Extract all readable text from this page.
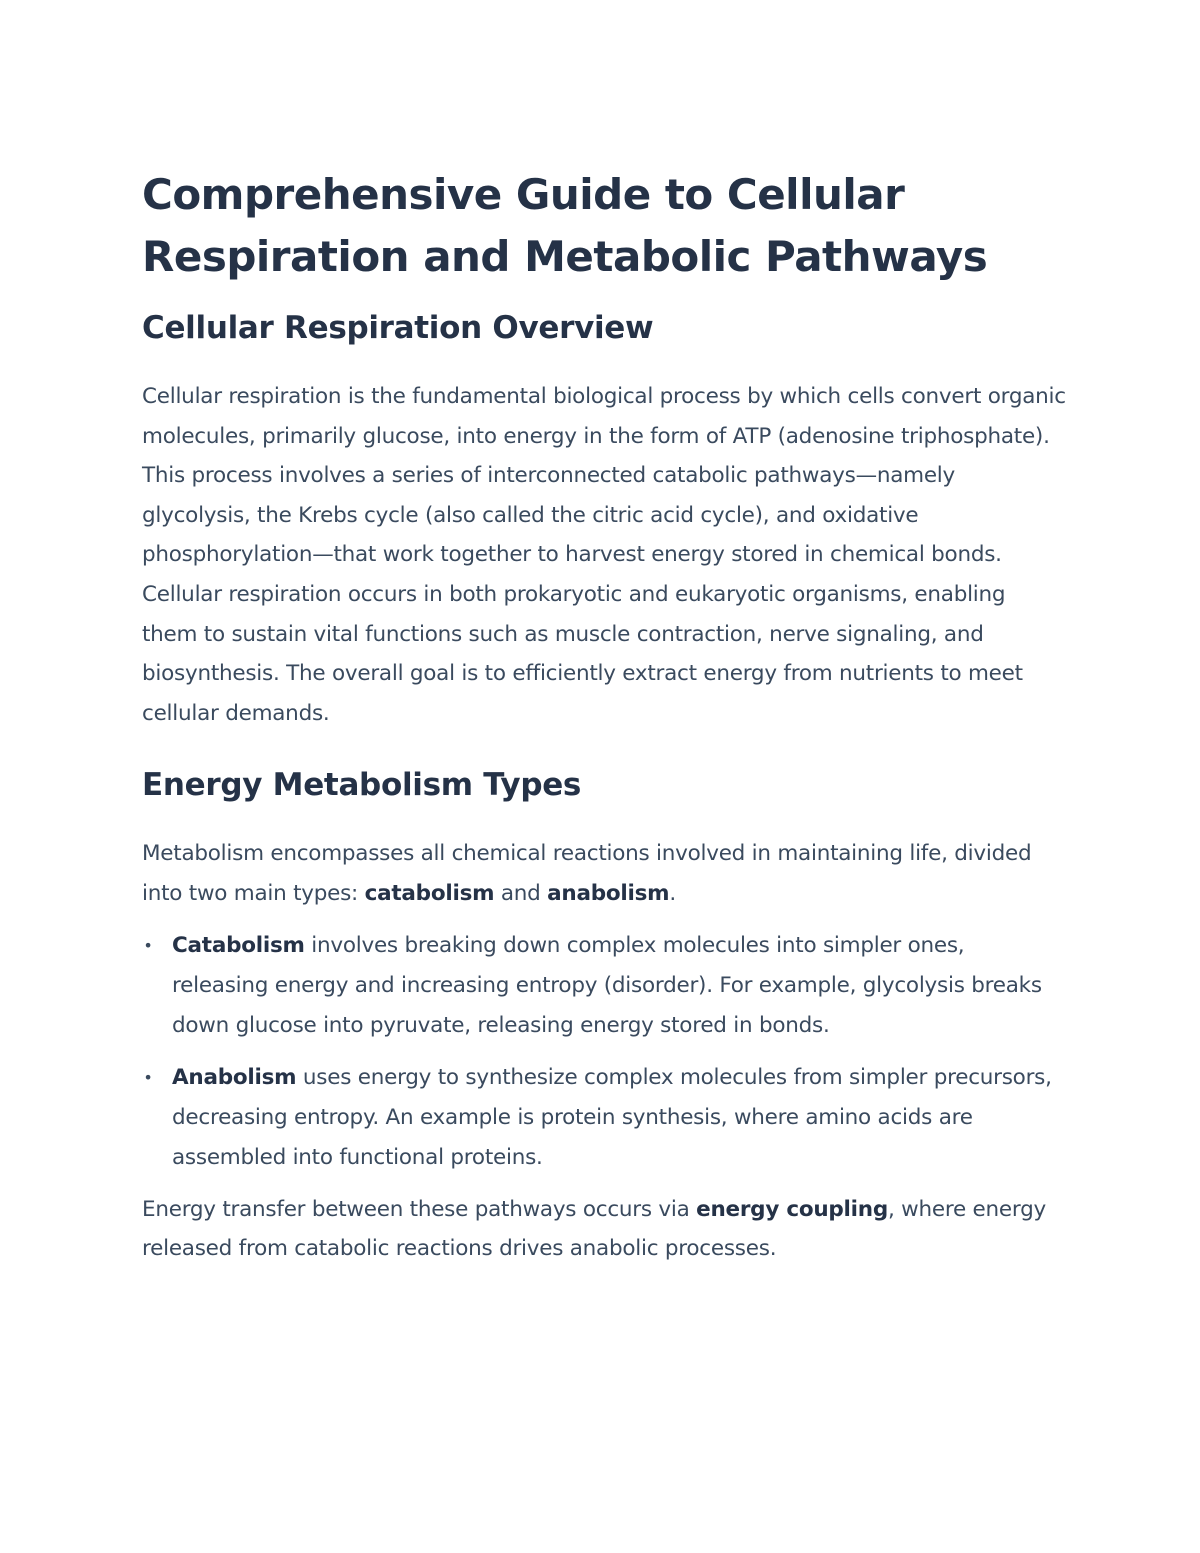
Comprehensive Guide to Cellular Respiration and Metabolic Pathways
Cellular Respiration Overview

Cellular respiration is the fundamental biological process by which cells convert organic molecules, primarily glucose, into energy in the form of ATP (adenosine triphosphate). This process involves a series of interconnected catabolic pathways—namely glycolysis, the Krebs cycle (also called the citric acid cycle), and oxidative phosphorylation—that work together to harvest energy stored in chemical bonds. Cellular respiration occurs in both prokaryotic and eukaryotic organisms, enabling them to sustain vital functions such as muscle contraction, nerve signaling, and biosynthesis. The overall goal is to efficiently extract energy from nutrients to meet cellular demands.

Energy Metabolism Types

Metabolism encompasses all chemical reactions involved in maintaining life, divided into two main types: catabolism and anabolism.

• Catabolism involves breaking down complex molecules into simpler ones, releasing energy and increasing entropy (disorder). For example, glycolysis breaks down glucose into pyruvate, releasing energy stored in bonds.
• Anabolism uses energy to synthesize complex molecules from simpler precursors, decreasing entropy. An example is protein synthesis, where amino acids are assembled into functional proteins.

Energy transfer between these pathways occurs via energy coupling, where energy released from catabolic reactions drives anabolic processes.
